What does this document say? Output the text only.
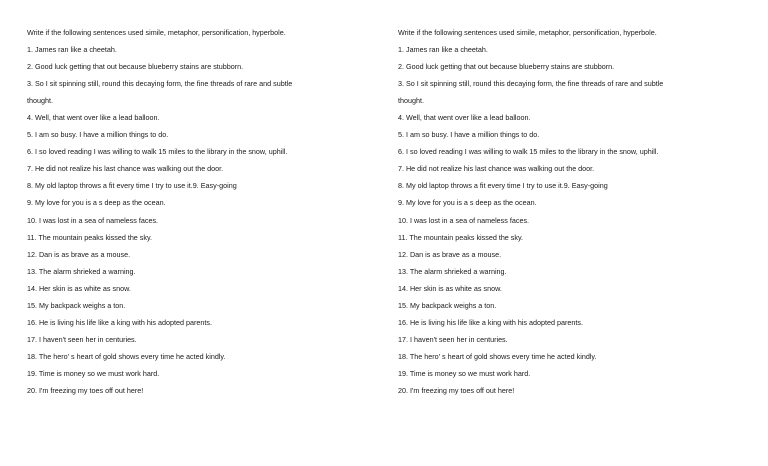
Write if the following sentences used simile, metaphor, personification, hyperbole.
1. James ran like a cheetah.
2. Good luck getting that out because blueberry stains are stubborn.
3. So I sit spinning still, round this decaying form, the fine threads of rare and subtle
thought.
4. Well, that went over like a lead balloon.
5. I am so busy. I have a million things to do.
6. I so loved reading I was willing to walk 15 miles to the library in the snow, uphill.
7. He did not realize his last chance was walking out the door.
8. My old laptop throws a fit every time I try to use it.9. Easy-going
9. My love for you is a s deep as the ocean.
10. I was lost in a sea of nameless faces.
11. The mountain peaks kissed the sky.
12. Dan is as brave as a mouse.
13. The alarm shrieked a warning.
14. Her skin is as white as snow.
15. My backpack weighs a ton.
16. He is living his life like a king with his adopted parents.
17. I haven't seen her in centuries.
18. The hero' s heart of gold shows every time he acted kindly.
19. Time is money so we must work hard.
20. I'm freezing my toes off out here!
Write if the following sentences used simile, metaphor, personification, hyperbole.
1. James ran like a cheetah.
2. Good luck getting that out because blueberry stains are stubborn.
3. So I sit spinning still, round this decaying form, the fine threads of rare and subtle
thought.
4. Well, that went over like a lead balloon.
5. I am so busy. I have a million things to do.
6. I so loved reading I was willing to walk 15 miles to the library in the snow, uphill.
7. He did not realize his last chance was walking out the door.
8. My old laptop throws a fit every time I try to use it.9. Easy-going
9. My love for you is a s deep as the ocean.
10. I was lost in a sea of nameless faces.
11. The mountain peaks kissed the sky.
12. Dan is as brave as a mouse.
13. The alarm shrieked a warning.
14. Her skin is as white as snow.
15. My backpack weighs a ton.
16. He is living his life like a king with his adopted parents.
17. I haven't seen her in centuries.
18. The hero' s heart of gold shows every time he acted kindly.
19. Time is money so we must work hard.
20. I'm freezing my toes off out here!
